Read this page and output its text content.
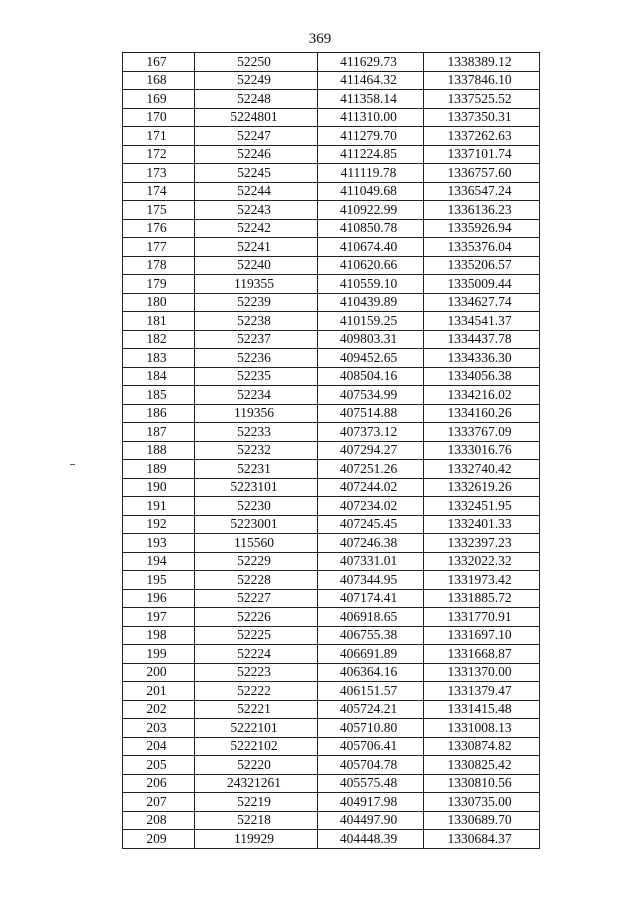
369
167	52250	411629.73	1338389.12
168	52249	411464.32	1337846.10
169	52248	411358.14	1337525.52
170	5224801	411310.00	1337350.31
171	52247	411279.70	1337262.63
172	52246	411224.85	1337101.74
173	52245	411119.78	1336757.60
174	52244	411049.68	1336547.24
175	52243	410922.99	1336136.23
176	52242	410850.78	1335926.94
177	52241	410674.40	1335376.04
178	52240	410620.66	1335206.57
179	119355	410559.10	1335009.44
180	52239	410439.89	1334627.74
181	52238	410159.25	1334541.37
182	52237	409803.31	1334437.78
183	52236	409452.65	1334336.30
184	52235	408504.16	1334056.38
185	52234	407534.99	1334216.02
186	119356	407514.88	1334160.26
187	52233	407373.12	1333767.09
188	52232	407294.27	1333016.76
189	52231	407251.26	1332740.42
190	5223101	407244.02	1332619.26
191	52230	407234.02	1332451.95
192	5223001	407245.45	1332401.33
193	115560	407246.38	1332397.23
194	52229	407331.01	1332022.32
195	52228	407344.95	1331973.42
196	52227	407174.41	1331885.72
197	52226	406918.65	1331770.91
198	52225	406755.38	1331697.10
199	52224	406691.89	1331668.87
200	52223	406364.16	1331370.00
201	52222	406151.57	1331379.47
202	52221	405724.21	1331415.48
203	5222101	405710.80	1331008.13
204	5222102	405706.41	1330874.82
205	52220	405704.78	1330825.42
206	24321261	405575.48	1330810.56
207	52219	404917.98	1330735.00
208	52218	404497.90	1330689.70
209	119929	404448.39	1330684.37
